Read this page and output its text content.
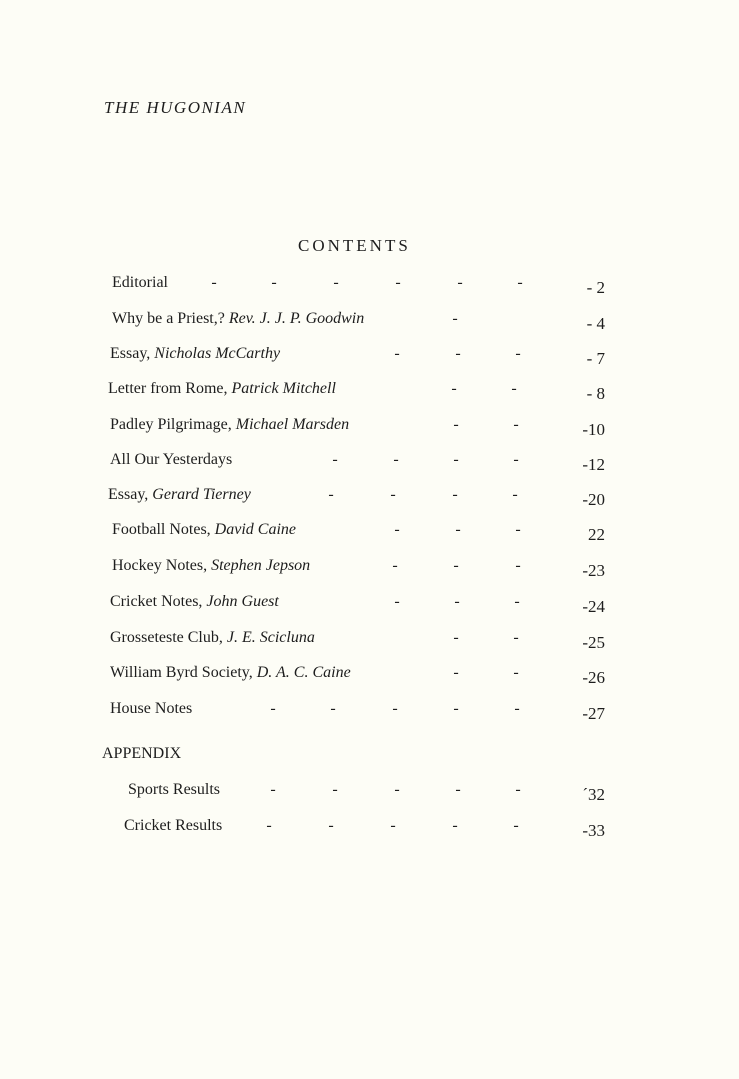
THE HUGONIAN
CONTENTS
Editorial	-	-	-	-	-	-	- 2
Why be a Priest,? Rev. J. J. P. Goodwin	-	- 4
Essay, Nicholas McCarthy	-	-	-	- 7
Letter from Rome, Patrick Mitchell	-	-	- 8
Padley Pilgrimage, Michael Marsden	-	-	-10
All Our Yesterdays	-	-	-	-	-12
Essay, Gerard Tierney	-	-	-	-	-20
Football Notes, David Caine	-	-	-	22
Hockey Notes, Stephen Jepson	-	-	-	-23
Cricket Notes, John Guest	-	-	-	-24
Grosseteste Club, J. E. Scicluna	-	-	-25
William Byrd Society, D. A. C. Caine	-	-	-26
House Notes	-	-	-	-	-	-27
APPENDIX
Sports Results	-	-	-	-	-	´32
Cricket Results	-	-	-	-	-	-33
